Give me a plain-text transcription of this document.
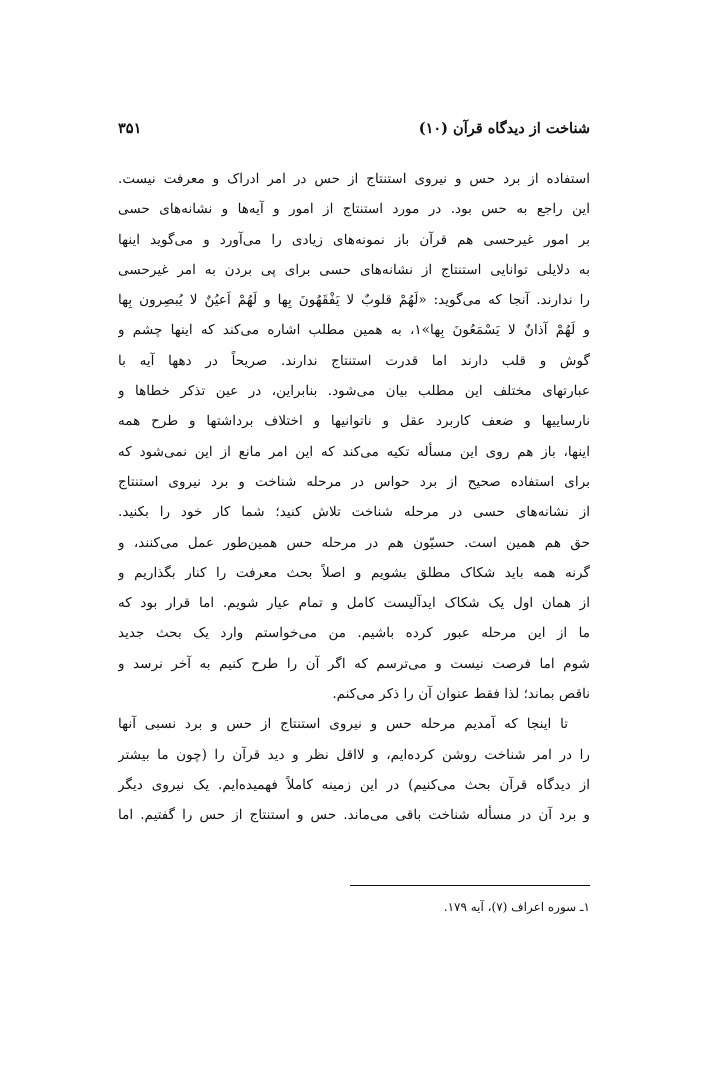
شناخت از دیدگاه قرآن (۱۰)
۳۵۱
استفاده از برد حس و نیروی استنتاج از حس در امر ادراک و معرفت نیست.
این راجع به حس بود. در مورد استنتاج از امور و آیه‌ها و نشانه‌های حسی
بر امور غیرحسی هم قرآن باز نمونه‌های زیادی را می‌آورد و می‌گوید اینها
به دلایلی توانایی استنتاج از نشانه‌های حسی برای پی بردن به امر غیرحسی
را ندارند. آنجا که می‌گوید: «لَهُمْ قلوبٌ لا یَفْقَهُونَ بِها و لَهُمْ اَعیُنٌ لا یُبصِرون بِها
و لَهُمْ آذانٌ لا یَسْمَعُونَ بِها»۱، به همین مطلب اشاره می‌کند که اینها چشم و
گوش و قلب دارند اما قدرت استنتاج ندارند. صریحاً در دهها آیه با
عبارتهای مختلف این مطلب بیان می‌شود. بنابراین، در عین تذکر خطاها و
نارساییها و ضعف کاربرد عقل و ناتوانیها و اختلاف برداشتها و طرح همه
اینها، باز هم روی این مسأله تکیه می‌کند که این امر مانع از این نمی‌شود که
برای استفاده صحیح از برد حواس در مرحله شناخت و برد نیروی استنتاج
از نشانه‌های حسی در مرحله شناخت تلاش کنید؛ شما کار خود را بکنید.
حق هم همین است. حسیّون هم در مرحله حس همین‌طور عمل می‌کنند، و
گرنه همه باید شکاک مطلق بشویم و اصلاً بحث معرفت را کنار بگذاریم و
از همان اول یک شکاک ایدآلیست کامل و تمام عیار شویم. اما قرار بود که
ما از این مرحله عبور کرده باشیم. من می‌خواستم وارد یک بحث جدید
شوم اما فرصت نیست و می‌ترسم که اگر آن را طرح کنیم به آخر نرسد و
ناقص بماند؛ لذا فقط عنوان آن را ذکر می‌کنم.
تا اینجا که آمدیم مرحله حس و نیروی استنتاج از حس و برد نسبی آنها
را در امر شناخت روشن کرده‌ایم، و لااقل نظر و دید قرآن را (چون ما بیشتر
از دیدگاه قرآن بحث می‌کنیم) در این زمینه کاملاً فهمیده‌ایم. یک نیروی دیگر
و برد آن در مسأله شناخت باقی می‌ماند. حس و استنتاج از حس را گفتیم. اما
۱ـ سوره اعراف (۷)، آیه ۱۷۹.
